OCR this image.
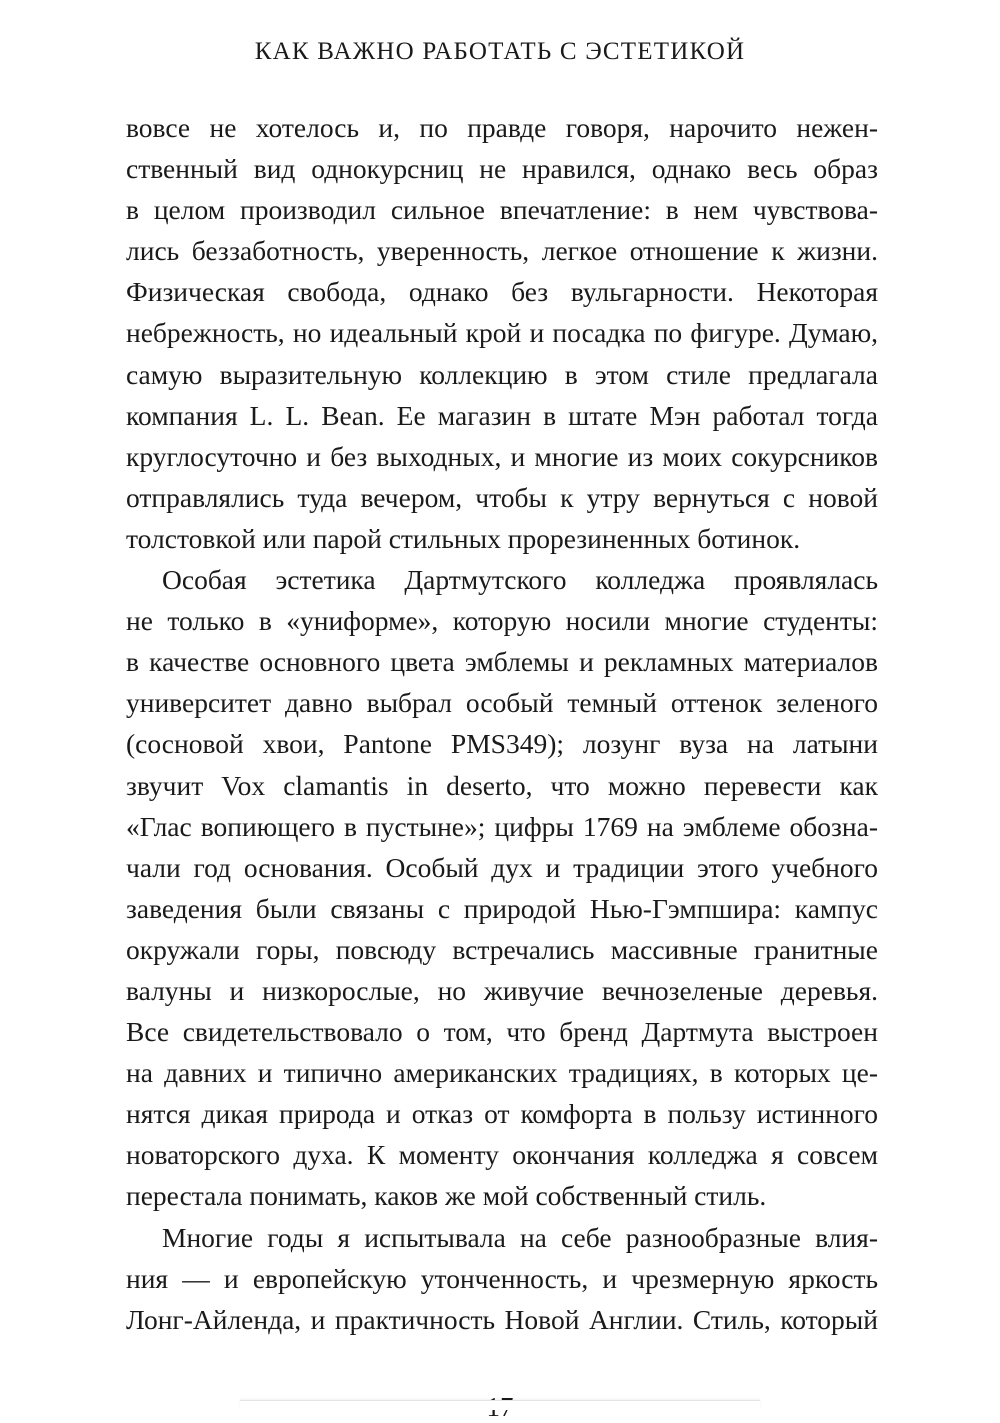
КАК ВАЖНО РАБОТАТЬ С ЭСТЕТИКОЙ
вовсе не хотелось и, по правде говоря, нарочито нежен-
ственный вид однокурсниц не нравился, однако весь образ
в целом производил сильное впечатление: в нем чувствова-
лись беззаботность, уверенность, легкое отношение к жизни.
Физическая свобода, однако без вульгарности. Некоторая
небрежность, но идеальный крой и посадка по фигуре. Думаю,
самую выразительную коллекцию в этом стиле предлагала
компания L. L. Bean. Ее магазин в штате Мэн работал тогда
круглосуточно и без выходных, и многие из моих сокурсников
отправлялись туда вечером, чтобы к утру вернуться с новой
толстовкой или парой стильных прорезиненных ботинок.
Особая эстетика Дартмутского колледжа проявлялась
не только в «униформе», которую носили многие студенты:
в качестве основного цвета эмблемы и рекламных материалов
университет давно выбрал особый темный оттенок зеленого
(сосновой хвои, Pantone PMS349); лозунг вуза на латыни
звучит Vox clamantis in deserto, что можно перевести как
«Глас вопиющего в пустыне»; цифры 1769 на эмблеме обозна-
чали год основания. Особый дух и традиции этого учебного
заведения были связаны с природой Нью-Гэмпшира: кампус
окружали горы, повсюду встречались массивные гранитные
валуны и низкорослые, но живучие вечнозеленые деревья.
Все свидетельствовало о том, что бренд Дартмута выстроен
на давних и типично американских традициях, в которых це-
нятся дикая природа и отказ от комфорта в пользу истинного
новаторского духа. К моменту окончания колледжа я совсем
перестала понимать, каков же мой собственный стиль.
Многие годы я испытывала на себе разнообразные влия-
ния — и европейскую утонченность, и чрезмерную яркость
Лонг-Айленда, и практичность Новой Англии. Стиль, который
